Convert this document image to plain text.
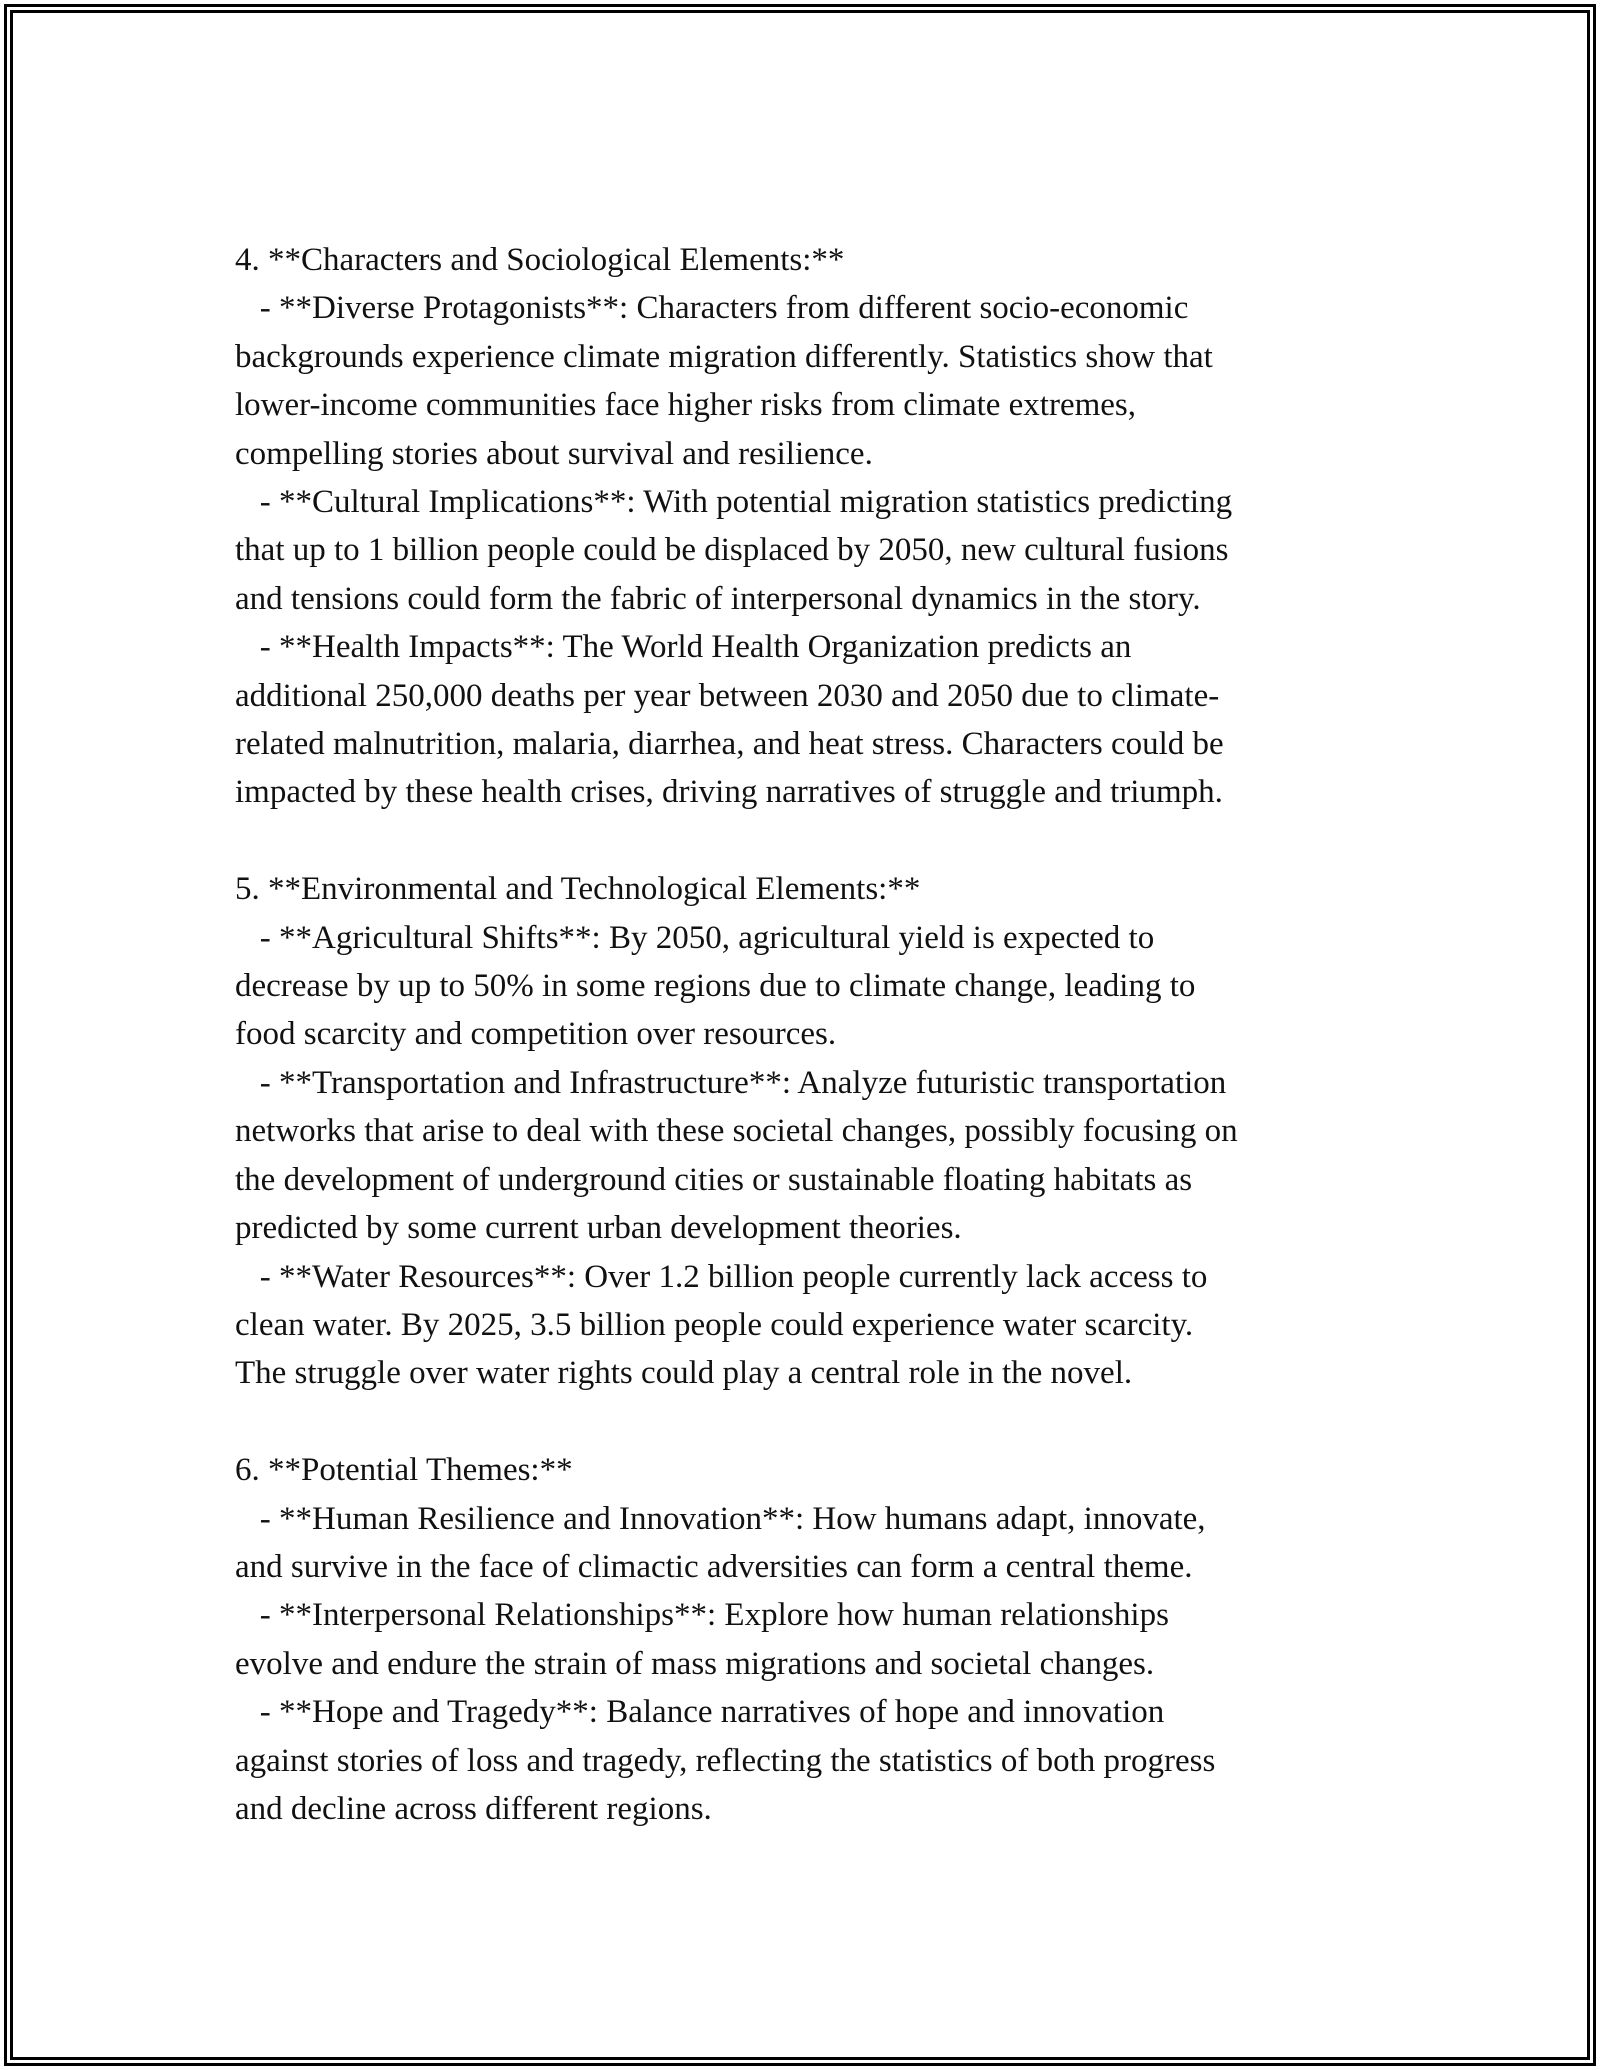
4. **Characters and Sociological Elements:**
- **Diverse Protagonists**: Characters from different socio-economic
backgrounds experience climate migration differently. Statistics show that
lower-income communities face higher risks from climate extremes,
compelling stories about survival and resilience.
- **Cultural Implications**: With potential migration statistics predicting
that up to 1 billion people could be displaced by 2050, new cultural fusions
and tensions could form the fabric of interpersonal dynamics in the story.
- **Health Impacts**: The World Health Organization predicts an
additional 250,000 deaths per year between 2030 and 2050 due to climate-
related malnutrition, malaria, diarrhea, and heat stress. Characters could be
impacted by these health crises, driving narratives of struggle and triumph.
5. **Environmental and Technological Elements:**
- **Agricultural Shifts**: By 2050, agricultural yield is expected to
decrease by up to 50% in some regions due to climate change, leading to
food scarcity and competition over resources.
- **Transportation and Infrastructure**: Analyze futuristic transportation
networks that arise to deal with these societal changes, possibly focusing on
the development of underground cities or sustainable floating habitats as
predicted by some current urban development theories.
- **Water Resources**: Over 1.2 billion people currently lack access to
clean water. By 2025, 3.5 billion people could experience water scarcity.
The struggle over water rights could play a central role in the novel.
6. **Potential Themes:**
- **Human Resilience and Innovation**: How humans adapt, innovate,
and survive in the face of climactic adversities can form a central theme.
- **Interpersonal Relationships**: Explore how human relationships
evolve and endure the strain of mass migrations and societal changes.
- **Hope and Tragedy**: Balance narratives of hope and innovation
against stories of loss and tragedy, reflecting the statistics of both progress
and decline across different regions.
